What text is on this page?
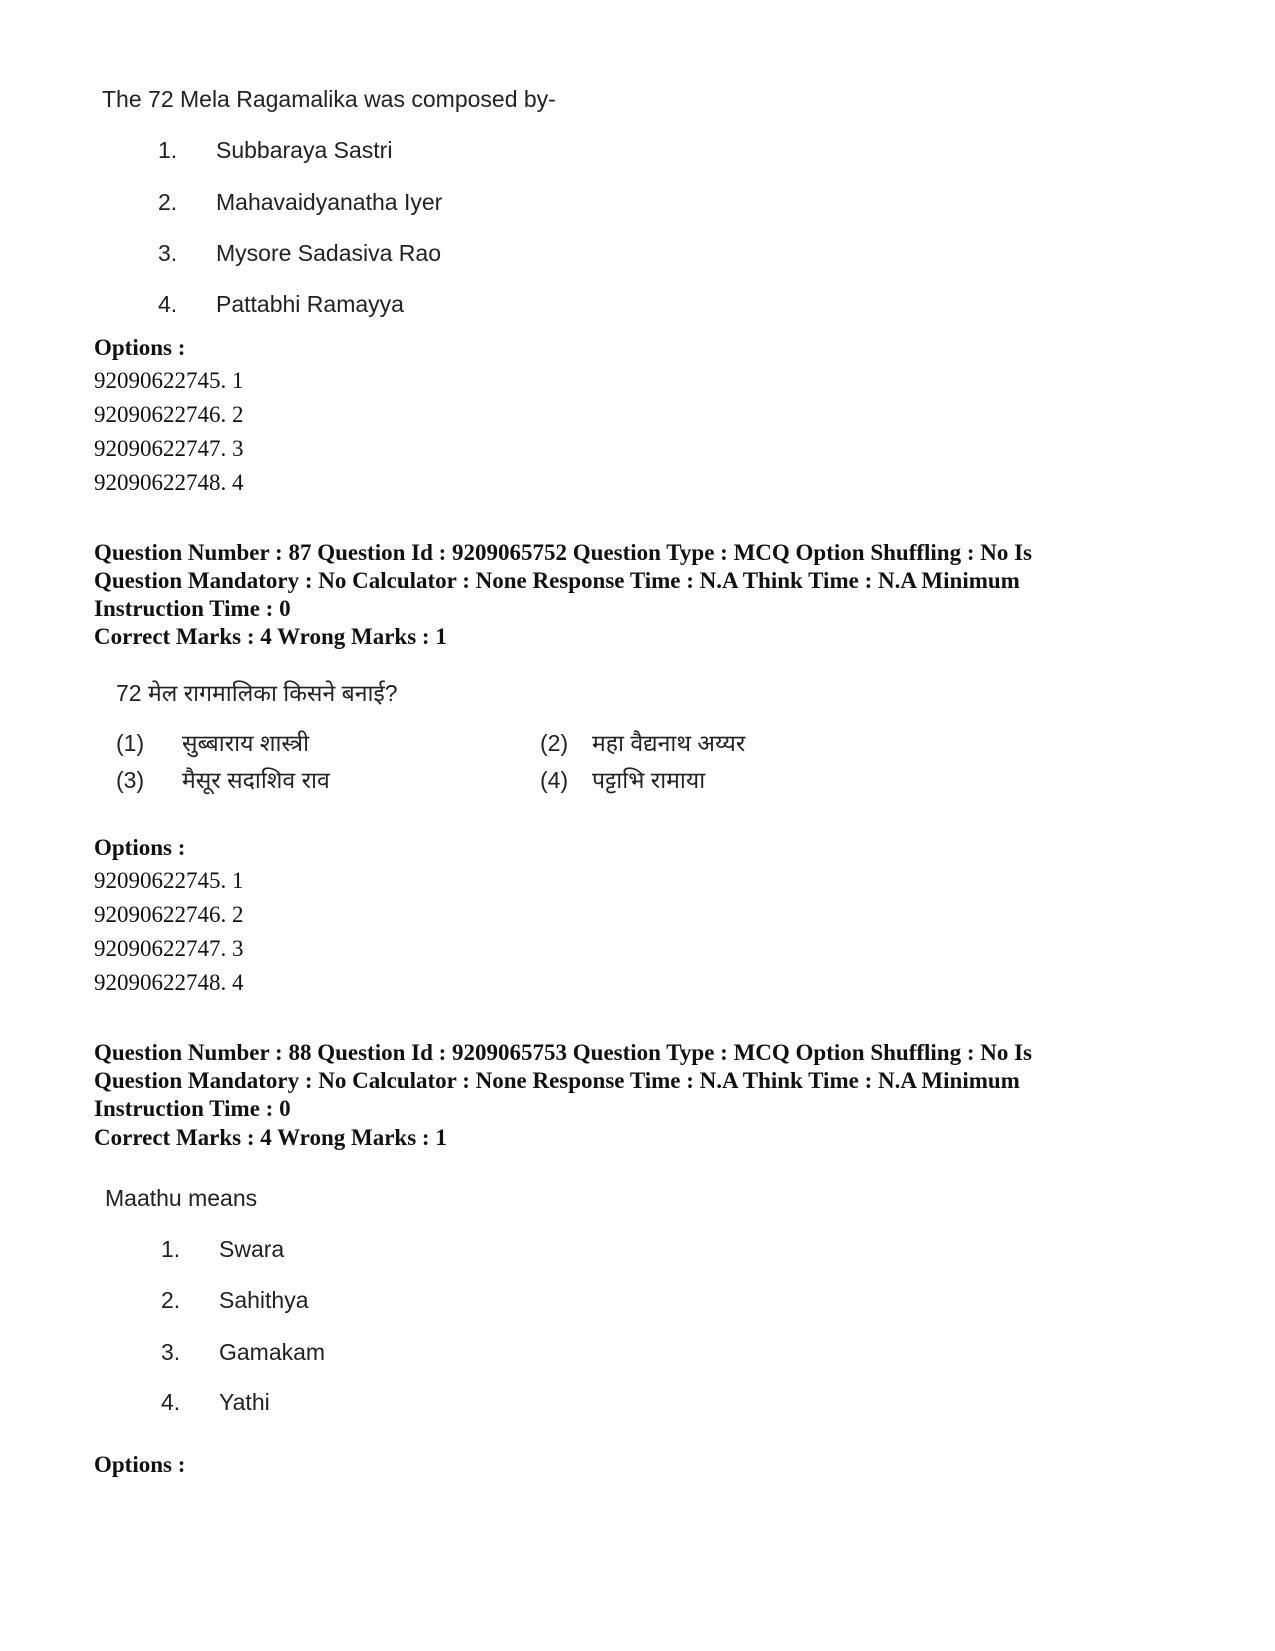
The 72 Mela Ragamalika was composed by-
1. Subbaraya Sastri
2. Mahavaidyanatha Iyer
3. Mysore Sadasiva Rao
4. Pattabhi Ramayya
Options :
92090622745. 1
92090622746. 2
92090622747. 3
92090622748. 4
Question Number : 87 Question Id : 9209065752 Question Type : MCQ Option Shuffling : No Is
Question Mandatory : No Calculator : None Response Time : N.A Think Time : N.A Minimum
Instruction Time : 0
Correct Marks : 4 Wrong Marks : 1
72 मेल रागमालिका किसने बनाई?
(1) सुब्बाराय शास्त्री	(2) महा वैद्यनाथ अय्यर
(3) मैसूर सदाशिव राव	(4) पट्टाभि रामाया
Options :
92090622745. 1
92090622746. 2
92090622747. 3
92090622748. 4
Question Number : 88 Question Id : 9209065753 Question Type : MCQ Option Shuffling : No Is
Question Mandatory : No Calculator : None Response Time : N.A Think Time : N.A Minimum
Instruction Time : 0
Correct Marks : 4 Wrong Marks : 1
Maathu means
1. Swara
2. Sahithya
3. Gamakam
4. Yathi
Options :
